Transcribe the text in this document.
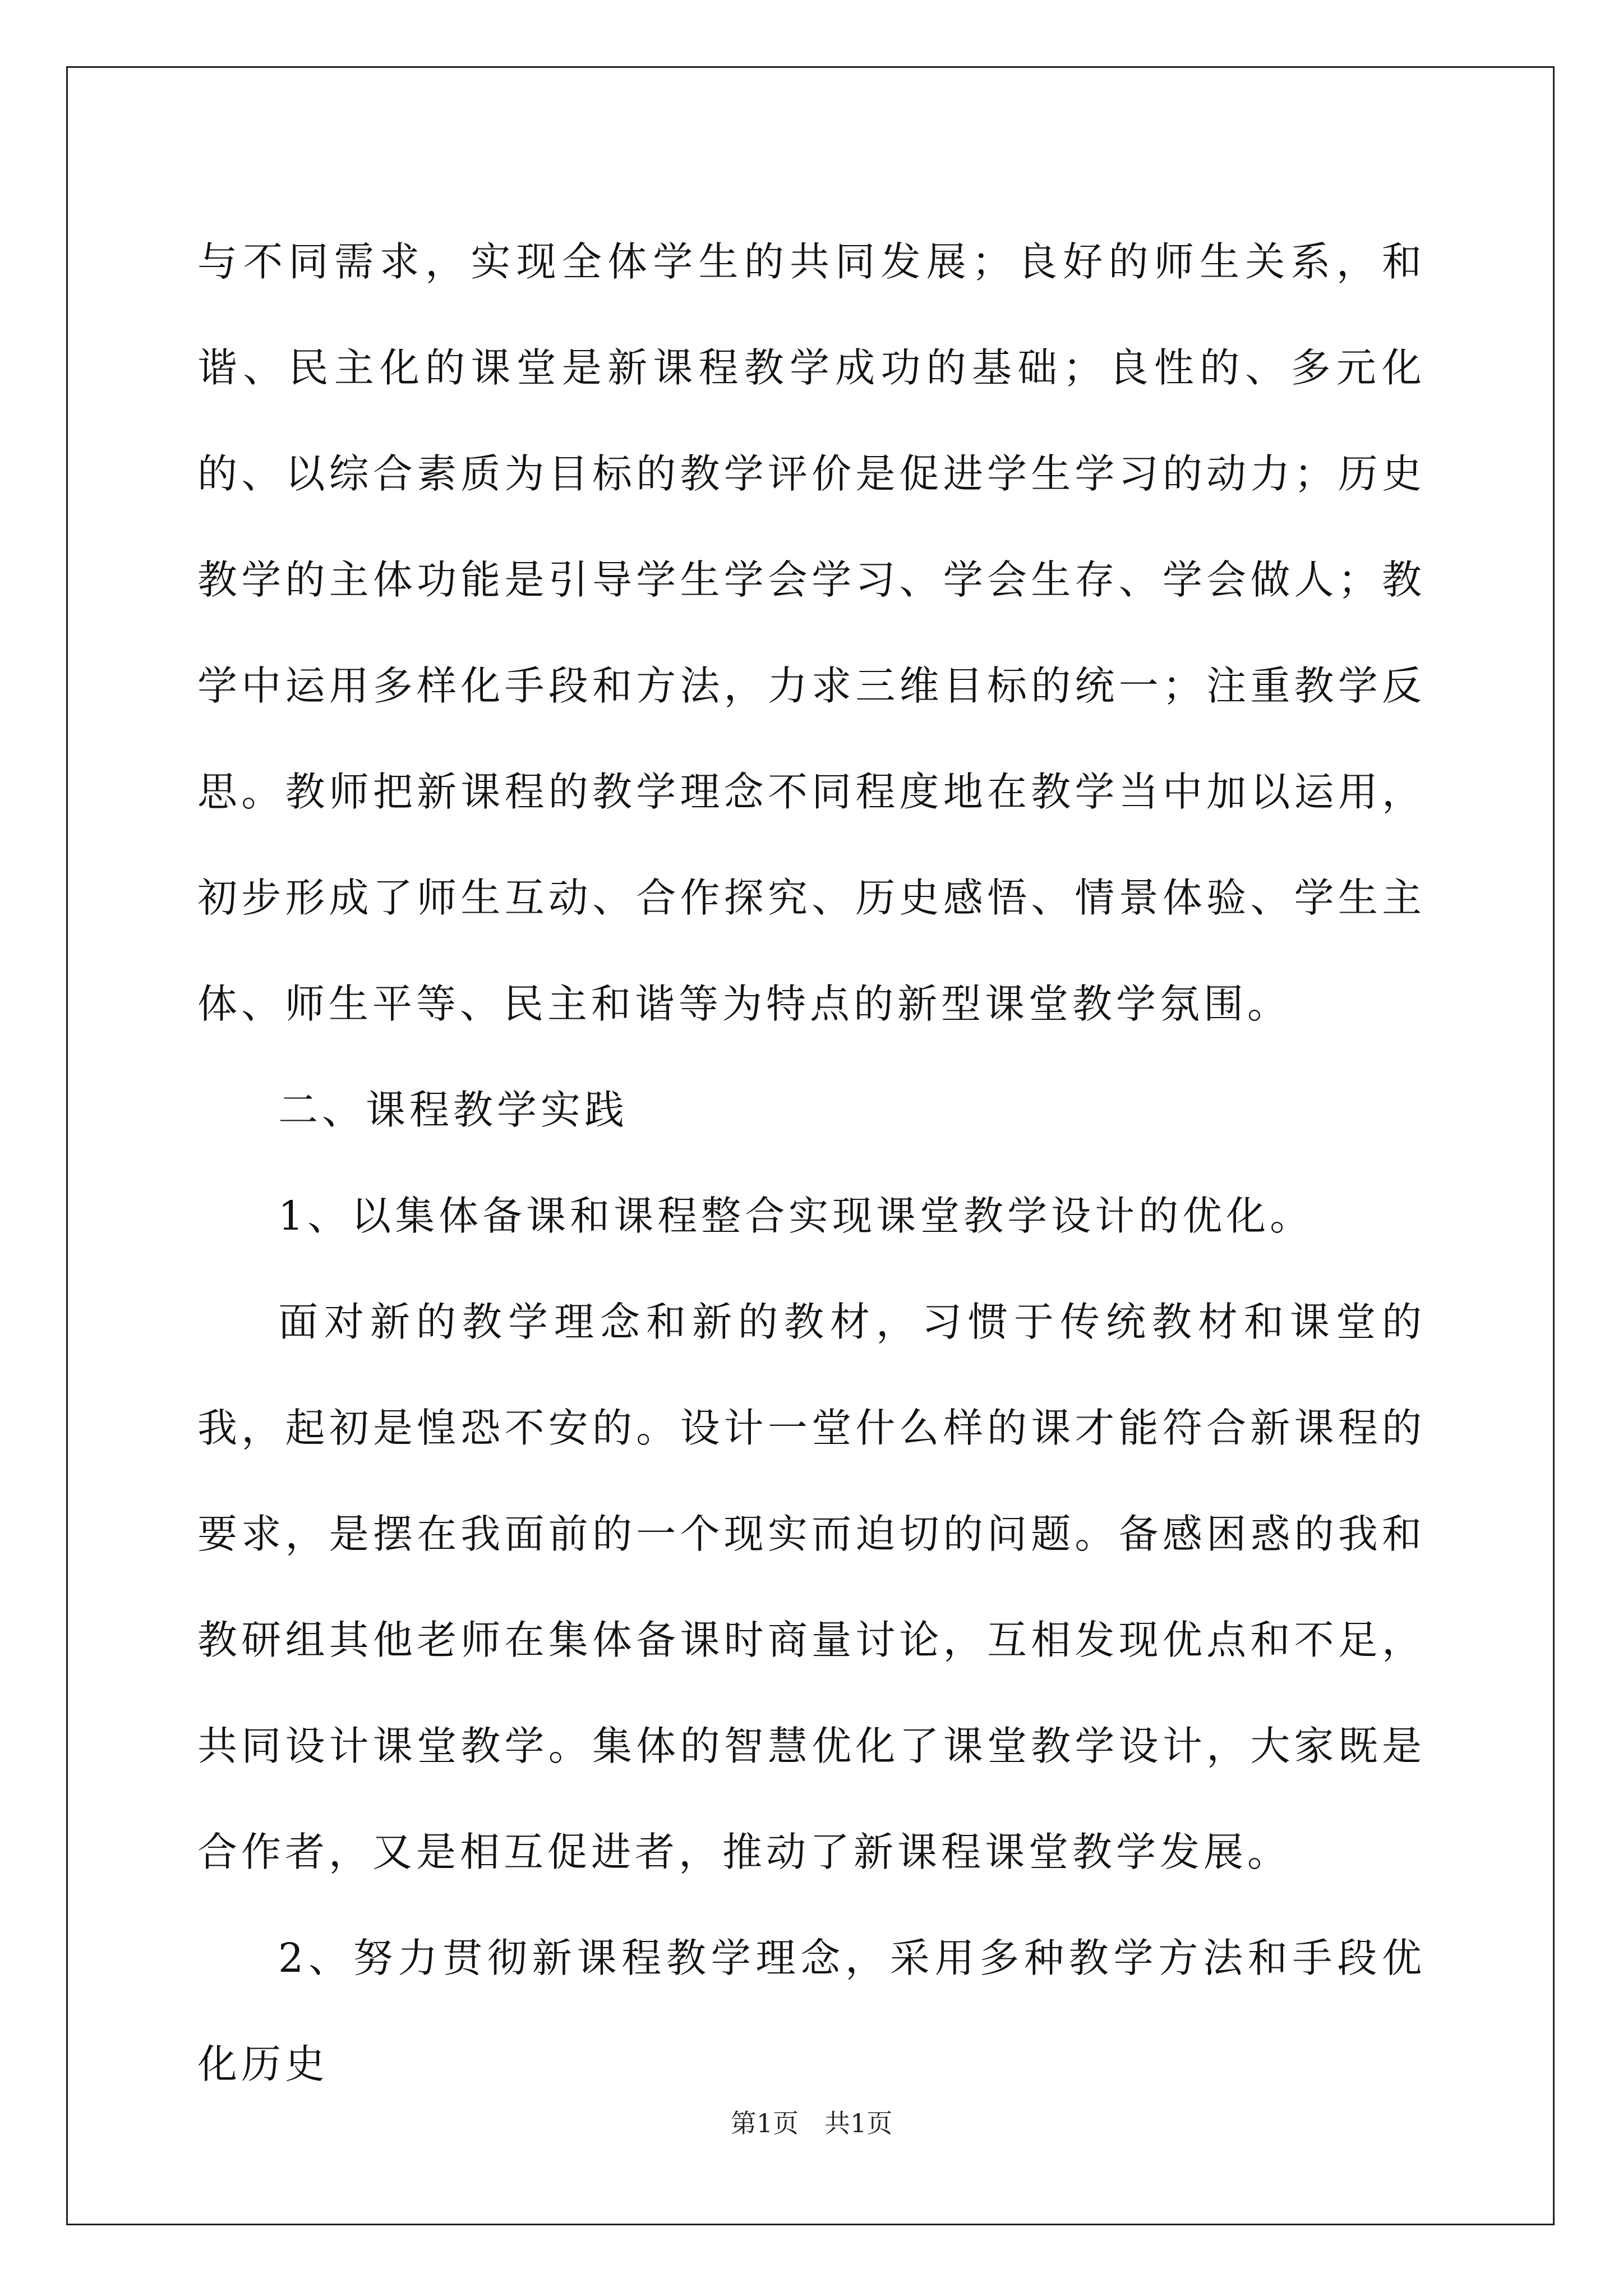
与不同需求，实现全体学生的共同发展；良好的师生关系，和谐、民主化的课堂是新课程教学成功的基础；良性的、多元化的、以综合素质为目标的教学评价是促进学生学习的动力；历史教学的主体功能是引导学生学会学习、学会生存、学会做人；教学中运用多样化手段和方法，力求三维目标的统一；注重教学反思。教师把新课程的教学理念不同程度地在教学当中加以运用，初步形成了师生互动、合作探究、历史感悟、情景体验、学生主体、师生平等、民主和谐等为特点的新型课堂教学氛围。

二、课程教学实践

1、以集体备课和课程整合实现课堂教学设计的优化。

面对新的教学理念和新的教材，习惯于传统教材和课堂的我，起初是惶恐不安的。设计一堂什么样的课才能符合新课程的要求，是摆在我面前的一个现实而迫切的问题。备感困惑的我和教研组其他老师在集体备课时商量讨论，互相发现优点和不足，共同设计课堂教学。集体的智慧优化了课堂教学设计，大家既是合作者，又是相互促进者，推动了新课程课堂教学发展。

2、努力贯彻新课程教学理念，采用多种教学方法和手段优化历史

第1页 共1页
